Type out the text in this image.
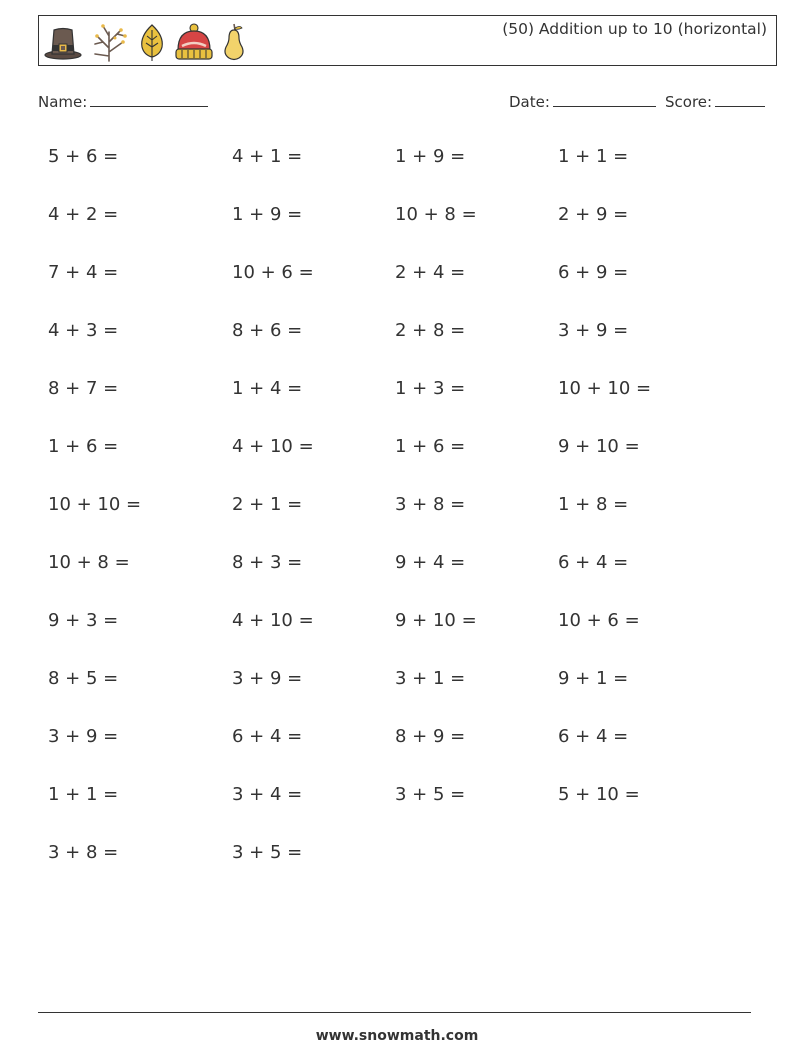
(50) Addition up to 10 (horizontal)
Name:	Date:	Score:
5 + 6 =	4 + 1 =	1 + 9 =	1 + 1 =
4 + 2 =	1 + 9 =	10 + 8 =	2 + 9 =
7 + 4 =	10 + 6 =	2 + 4 =	6 + 9 =
4 + 3 =	8 + 6 =	2 + 8 =	3 + 9 =
8 + 7 =	1 + 4 =	1 + 3 =	10 + 10 =
1 + 6 =	4 + 10 =	1 + 6 =	9 + 10 =
10 + 10 =	2 + 1 =	3 + 8 =	1 + 8 =
10 + 8 =	8 + 3 =	9 + 4 =	6 + 4 =
9 + 3 =	4 + 10 =	9 + 10 =	10 + 6 =
8 + 5 =	3 + 9 =	3 + 1 =	9 + 1 =
3 + 9 =	6 + 4 =	8 + 9 =	6 + 4 =
1 + 1 =	3 + 4 =	3 + 5 =	5 + 10 =
3 + 8 =	3 + 5 =
www.snowmath.com
